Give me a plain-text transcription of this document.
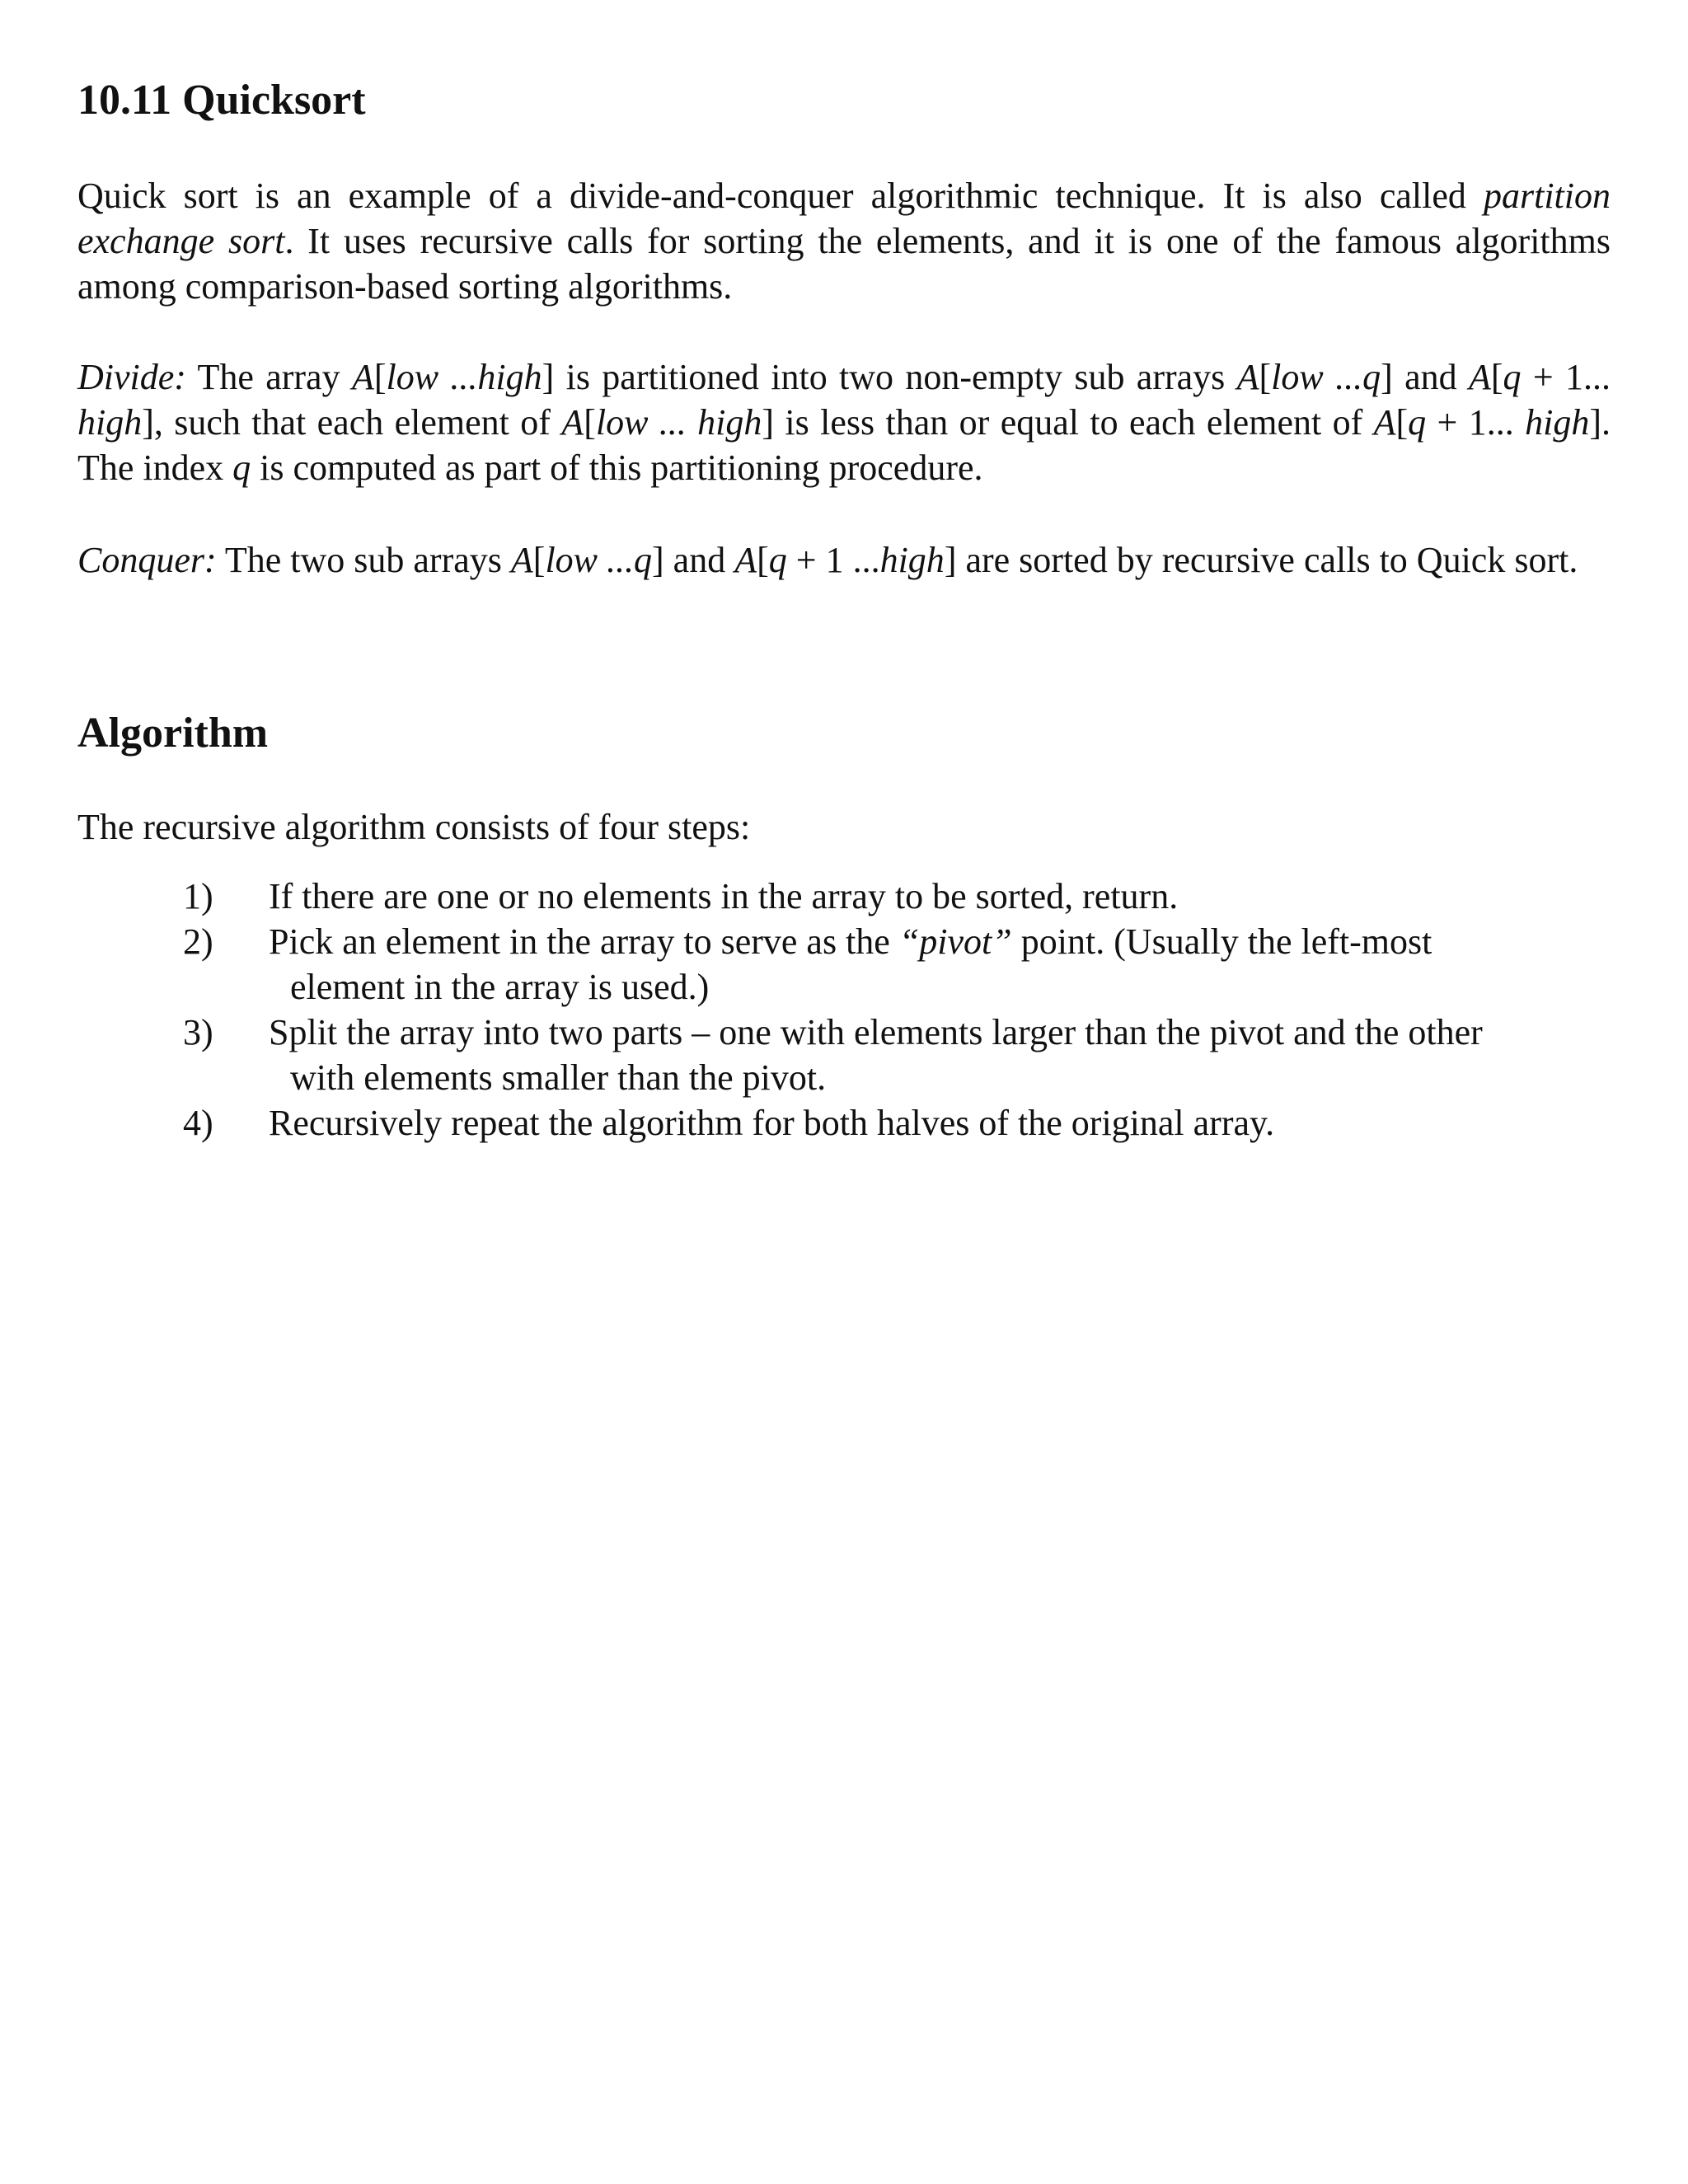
10.11 Quicksort

Quick sort is an example of a divide-and-conquer algorithmic technique. It is also called partition exchange sort. It uses recursive calls for sorting the elements, and it is one of the famous algorithms among comparison-based sorting algorithms.

Divide: The array A[low ...high] is partitioned into two non-empty sub arrays A[low ...q] and A[q + 1... high], such that each element of A[low ... high] is less than or equal to each element of A[q + 1... high]. The index q is computed as part of this partitioning procedure.

Conquer: The two sub arrays A[low ...q] and A[q + 1 ...high] are sorted by recursive calls to Quick sort.

Algorithm

The recursive algorithm consists of four steps:

1) If there are one or no elements in the array to be sorted, return.
2) Pick an element in the array to serve as the “pivot” point. (Usually the left-most
element in the array is used.)
3) Split the array into two parts – one with elements larger than the pivot and the other
with elements smaller than the pivot.
4) Recursively repeat the algorithm for both halves of the original array.
